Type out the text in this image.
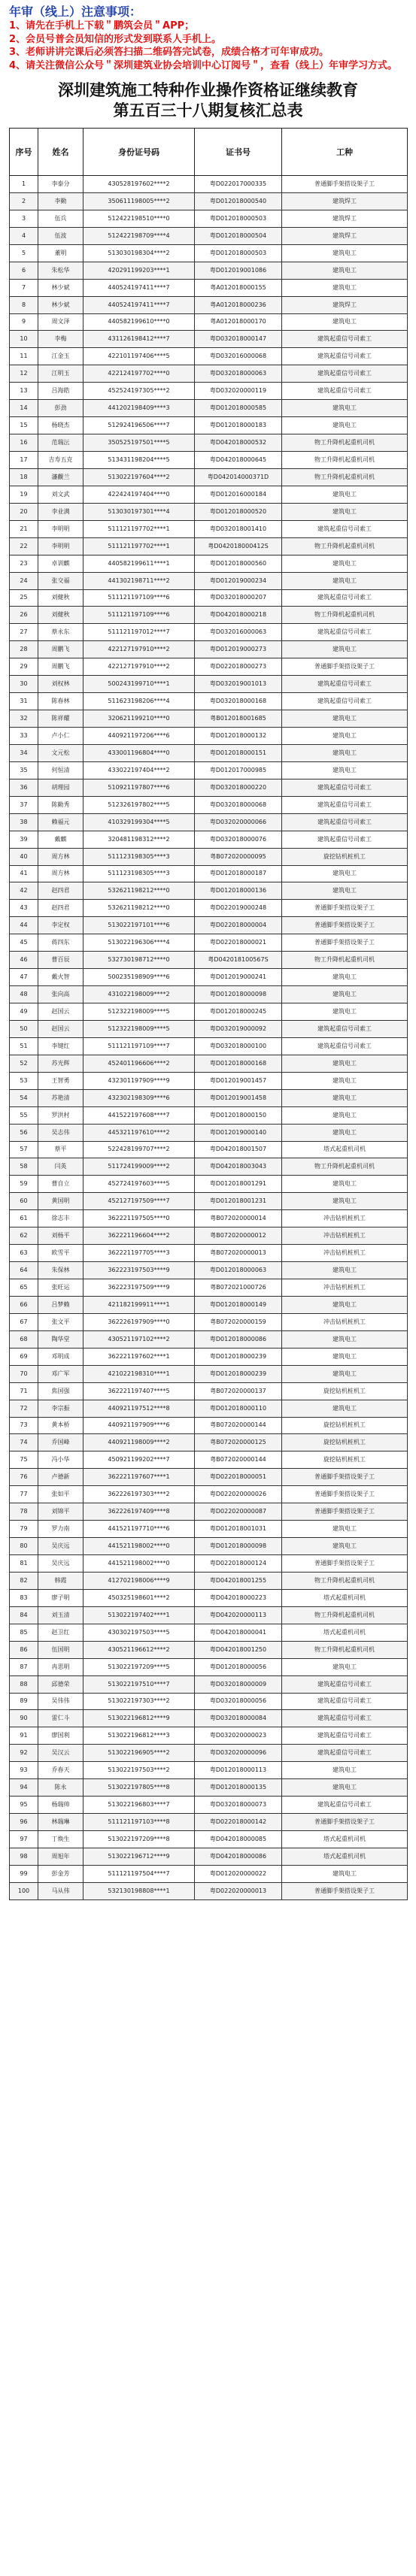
年审（线上）注意事项：

1、请先在手机上下载＂鹏筑会员＂APP；

2、会员号普会员知信的形式发到联系人手机上。

3、老师讲讲完课后必须答扫描二维码答完试卷，成绩合格才可年审成功。

4、请关注微信公众号＂深圳建筑业协会培训中心订阅号＂，查看（线上）年审学习方式。

深圳建筑施工特种作业操作资格证继续教育
第五百三十八期复核汇总表
序号	姓名	身份证号码	证书号	工种
1	李泰分	430528197602****2	粤D022017000335	普通脚手架搭设架子工
2	李勤	350611198005****2	粤D012018000540	建筑焊工
3	伍兵	512422198510****0	粤D012018000503	建筑焊工
4	伍波	512422198709****4	粤D012018000504	建筑焊工
5	董明	513030198304****2	粤D012018000503	建筑电工
6	朱松华	420291199203****1	粤D012019001086	建筑电工
7	林少斌	440524197411****7	粤A012018000155	建筑电工
8	林少斌	440524197411****7	粤A012018000236	建筑焊工
9	周文泽	440582199610****0	粤A012018000170	建筑电工
10	李梅	431126198412****7	粤D032018000147	建筑起重信号司索工
11	江金玉	422101197406****5	粤D032016000068	建筑起重信号司索工
12	江明玉	422124197702****0	粤D032018000063	建筑起重信号司索工
13	吕海皓	452524197305****2	粤D032020000119	建筑起重信号司索工
14	彭劲	441202198409****3	粤D012018000585	建筑电工
15	杨晓杰	512924196506****7	粤D012018000183	建筑电工
16	范瑞沄	350525197501****5	粤D042018000532	物工升降机起重机司机
17	吉寿五克	513431198204****5	粤D042018000645	物工升降机起重机司机
18	瀋觀兰	513022197604****2	粤D042014000371D	物工升降机起重机司机
19	刘文武	422424197404****0	粤D012016000184	建筑电工
20	李业满	513030197301****4	粤D012018000520	建筑电工
21	李明明	511121197702****1	粤D032018001410	建筑起重信号司索工
22	李明明	511121197702****1	粤D042018000412S	物工升降机起重机司机
23	卓训麒	440582199611****1	粤D012018000560	建筑电工
24	张交福	441302198711****2	粤D012019000234	建筑电工
25	刘健秋	511121197109****6	粤D032018000207	建筑起重信号司索工
26	刘健秋	511121197109****6	粤D042018000218	物工升降机起重机司机
27	蔡永东	511121197012****7	粤D032016000063	建筑起重信号司索工
28	周鹏飞	422127197910****2	粤D012019000273	建筑电工
29	周鹏飞	422127197910****2	粤D022018000273	普通脚手架搭设架子工
30	刘权林	500243199710****1	粤D032019001013	建筑起重信号司索工
31	陈春林	511623198206****4	粤D032018000168	建筑起重信号司索工
32	陈祥耀	320621199210****0	粤B012018001685	建筑电工
33	卢小仁	440921197206****6	粤D012018000132	建筑电工
34	文元松	433001196804****0	粤D012018000151	建筑电工
35	何恒清	433022197404****2	粤D012017000985	建筑电工
36	胡理园	510921197807****6	粤D032018000220	建筑起重信号司索工
37	陈勤秀	512326197802****5	粤D032018000068	建筑起重信号司索工
38	赖福元	410329199304****5	粤D032020000066	建筑起重信号司索工
39	戴麒	320481198312****2	粤D032018000076	建筑起重信号司索工
40	周方林	511123198305****3	粤B072020000095	旋挖钻机桩机工
41	周方林	511123198305****3	粤D012018000187	建筑电工
42	赵四君	532621198212****0	粤D012018000136	建筑电工
43	赵四君	532621198212****0	粤D022019000248	普通脚手架搭设架子工
44	李定权	513022197101****6	粤D022018000004	普通脚手架搭设架子工
45	蒋四东	513022196306****4	粤D022018000021	普通脚手架搭设架子工
46	曹百辰	532730198712****0	粤D042018100567S	物工升降机起重机司机
47	戴火智	500235198909****6	粤D012019000241	建筑电工
48	张向高	431022198009****2	粤D012018000098	建筑电工
49	赵国云	512322198009****5	粤D012018000245	建筑电工
50	赵国云	512322198009****5	粤D032019000092	建筑起重信号司索工
51	李键红	511121197109****7	粤D032018000100	建筑起重信号司索工
52	苏光辉	452401196606****2	粤D012018000168	建筑电工
53	王智勇	432301197909****9	粤D012019001457	建筑电工
54	苏艳清	432302198309****6	粤D012019001458	建筑电工
55	罗洪村	441522197608****7	粤D012018000150	建筑电工
56	吴志伟	445321197610****2	粤D012019000140	建筑电工
57	蔡平	522428199707****2	粤D042018001507	塔式起重机司机
58	闫英	511724199009****2	粤D042018003043	物工升降机起重机司机
59	曹自立	452724197603****5	粤D012018001291	建筑电工
60	黄国明	452127197509****7	粤D012018001231	建筑电工
61	徐志丰	362221197505****0	粤B072020000014	冲击钻机桩机工
62	刘杨平	362221196604****2	粤B072020000012	冲击钻机桩机工
63	欧雪平	362221197705****3	粤B072020000013	冲击钻机桩机工
64	朱保林	362223197503****9	粤D012018000063	建筑电工
65	张旺运	362223197509****9	粤B072021000726	冲击钻机桩机工
66	吕梦赖	421182199911****1	粤D012018000149	建筑电工
67	张文平	362226197909****0	粤B072020000159	冲击钻机桩机工
68	陶华堂	430521197102****2	粤D012018000086	建筑电工
69	邓明成	362221197602****1	粤D012018000239	建筑电工
70	邓广军	421022198310****1	粤D012018000239	建筑电工
71	焦国强	362221197407****5	粤B072020000137	旋挖钻机桩机工
72	李宗振	440921197512****8	粤D012018000110	建筑电工
73	黄本桥	440921197909****6	粤B072020000144	旋挖钻机桩机工
74	乔国峰	440921198009****2	粤B072020000125	旋挖钻机桩机工
75	冯小华	450921199202****7	粤B072020000144	旋挖钻机桩机工
76	卢德新	362221197607****1	粤D022018000051	普通脚手架搭设架子工
77	张如平	362226197303****2	粤D022020000026	普通脚手架搭设架子工
78	刘锦平	362226197409****8	粤D022020000087	普通脚手架搭设架子工
79	罗力南	441521197710****6	粤D012018001031	建筑电工
80	吴庆远	441521198002****0	粤D012018000098	建筑电工
81	吴庆远	441521198002****0	粤D022018000124	普通脚手架搭设架子工
82	韩霞	412702198006****9	粤D042018001255	物工升降机起重机司机
83	廖子明	450325198601****2	粤D042018000223	塔式起重机司机
84	刘玉清	513022197402****1	粤D042020000113	物工升降机起重机司机
85	赵卫红	430302197503****5	粤D042018000041	塔式起重机司机
86	伍国明	430521196612****2	粤D042018001250	物工升降机起重机司机
87	冉思明	513022197209****5	粤D012018000056	建筑电工
88	邱德荣	513022197510****7	粤D032018000009	建筑起重信号司索工
89	吴伟伟	513022197303****2	粤D032018000056	建筑起重信号司索工
90	雷仁斗	513022196812****9	粤D032018000084	建筑起重信号司索工
91	廖国利	513022196812****3	粤D032020000023	建筑起重信号司索工
92	吴汉云	513022196905****2	粤D032020000096	建筑起重信号司索工
93	乔春天	513022197503****2	粤D012018000113	建筑电工
94	陈永	513022197805****8	粤D012018000135	建筑电工
95	杨瑞帅	513022196803****7	粤D032018000073	建筑起重信号司索工
96	林瑞琳	511121197103****8	粤D022018000142	普通脚手架搭设架子工
97	丁焕生	513022197209****8	粤D042018000085	塔式起重机司机
98	周旭年	513022196712****9	粤D042018000086	塔式起重机司机
99	彭金芳	511121197504****7	粤D012020000022	建筑电工
100	马从伟	532130198808****1	粤D022020000013	普通脚手架搭设架子工
